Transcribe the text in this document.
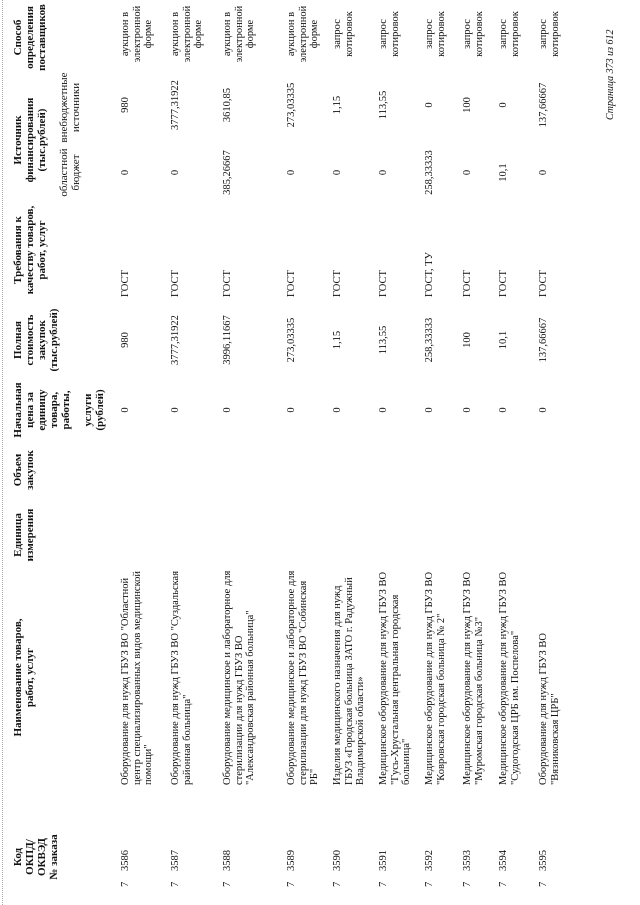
Код
ОКПД/
ОКВЭД
№ заказа
Наименование товаров,
работ, услуг
Единица
измерения
Объем
закупок
Начальная
цена за
единицу
товара,
работы, услуги
(рублей)
Полная
стоимость
закупок
(тыс.рублей)
Требования к
качеству товаров,
работ, услуг
Источник
финансирования
(тыс.рублей)
областной
бюджет
внебюджетные
источники
Способ
определения
поставщиков
7
3586
Оборудование для нужд ГБУЗ ВО "Областной центр специализированных видов медицинской помощи"
0
980
ГОСТ
0
980
аукцион в электронной форме
7
3587
Оборудование для нужд ГБУЗ ВО "Суздальская районная больница"
0
3777,31922
ГОСТ
0
3777,31922
аукцион в электронной форме
7
3588
Оборудование медицинское и лабораторное для стерилизации для нужд ГБУЗ ВО "Александровская районная больница"
0
3996,11667
ГОСТ
385,26667
3610,85
аукцион в электронной форме
7
3589
Оборудование медицинское и лабораторное для стерилизации для нужд ГБУЗ ВО "Собинская РБ"
0
273,03335
ГОСТ
0
273,03335
аукцион в электронной форме
7
3590
Изделия медицинского назначения для нужд ГБУЗ «Городская больница ЗАТО г. Радужный Владимирской области»
0
1,15
ГОСТ
0
1,15
запрос котировок
7
3591
Медицинское оборудование для нужд ГБУЗ ВО "Гусь-Хрустальная центральная городская больница"
0
113,55
ГОСТ
0
113,55
запрос котировок
7
3592
Медицинское оборудование для нужд ГБУЗ ВО "Ковровская городская больница № 2"
0
258,33333
ГОСТ, ТУ
258,33333
0
запрос котировок
7
3593
Медицинское оборудование для нужд ГБУЗ ВО "Муромская городская больница №3"
0
100
ГОСТ
0
100
запрос котировок
7
3594
Медицинское оборудование для нужд ГБУЗ ВО "Судогодская ЦРБ им. Поспелова"
0
10,1
ГОСТ
10,1
0
запрос котировок
7
3595
Оборудование для нужд ГБУЗ ВО "Вязниковская ЦРБ"
0
137,66667
ГОСТ
0
137,66667
запрос котировок	Страница 373 из 612
